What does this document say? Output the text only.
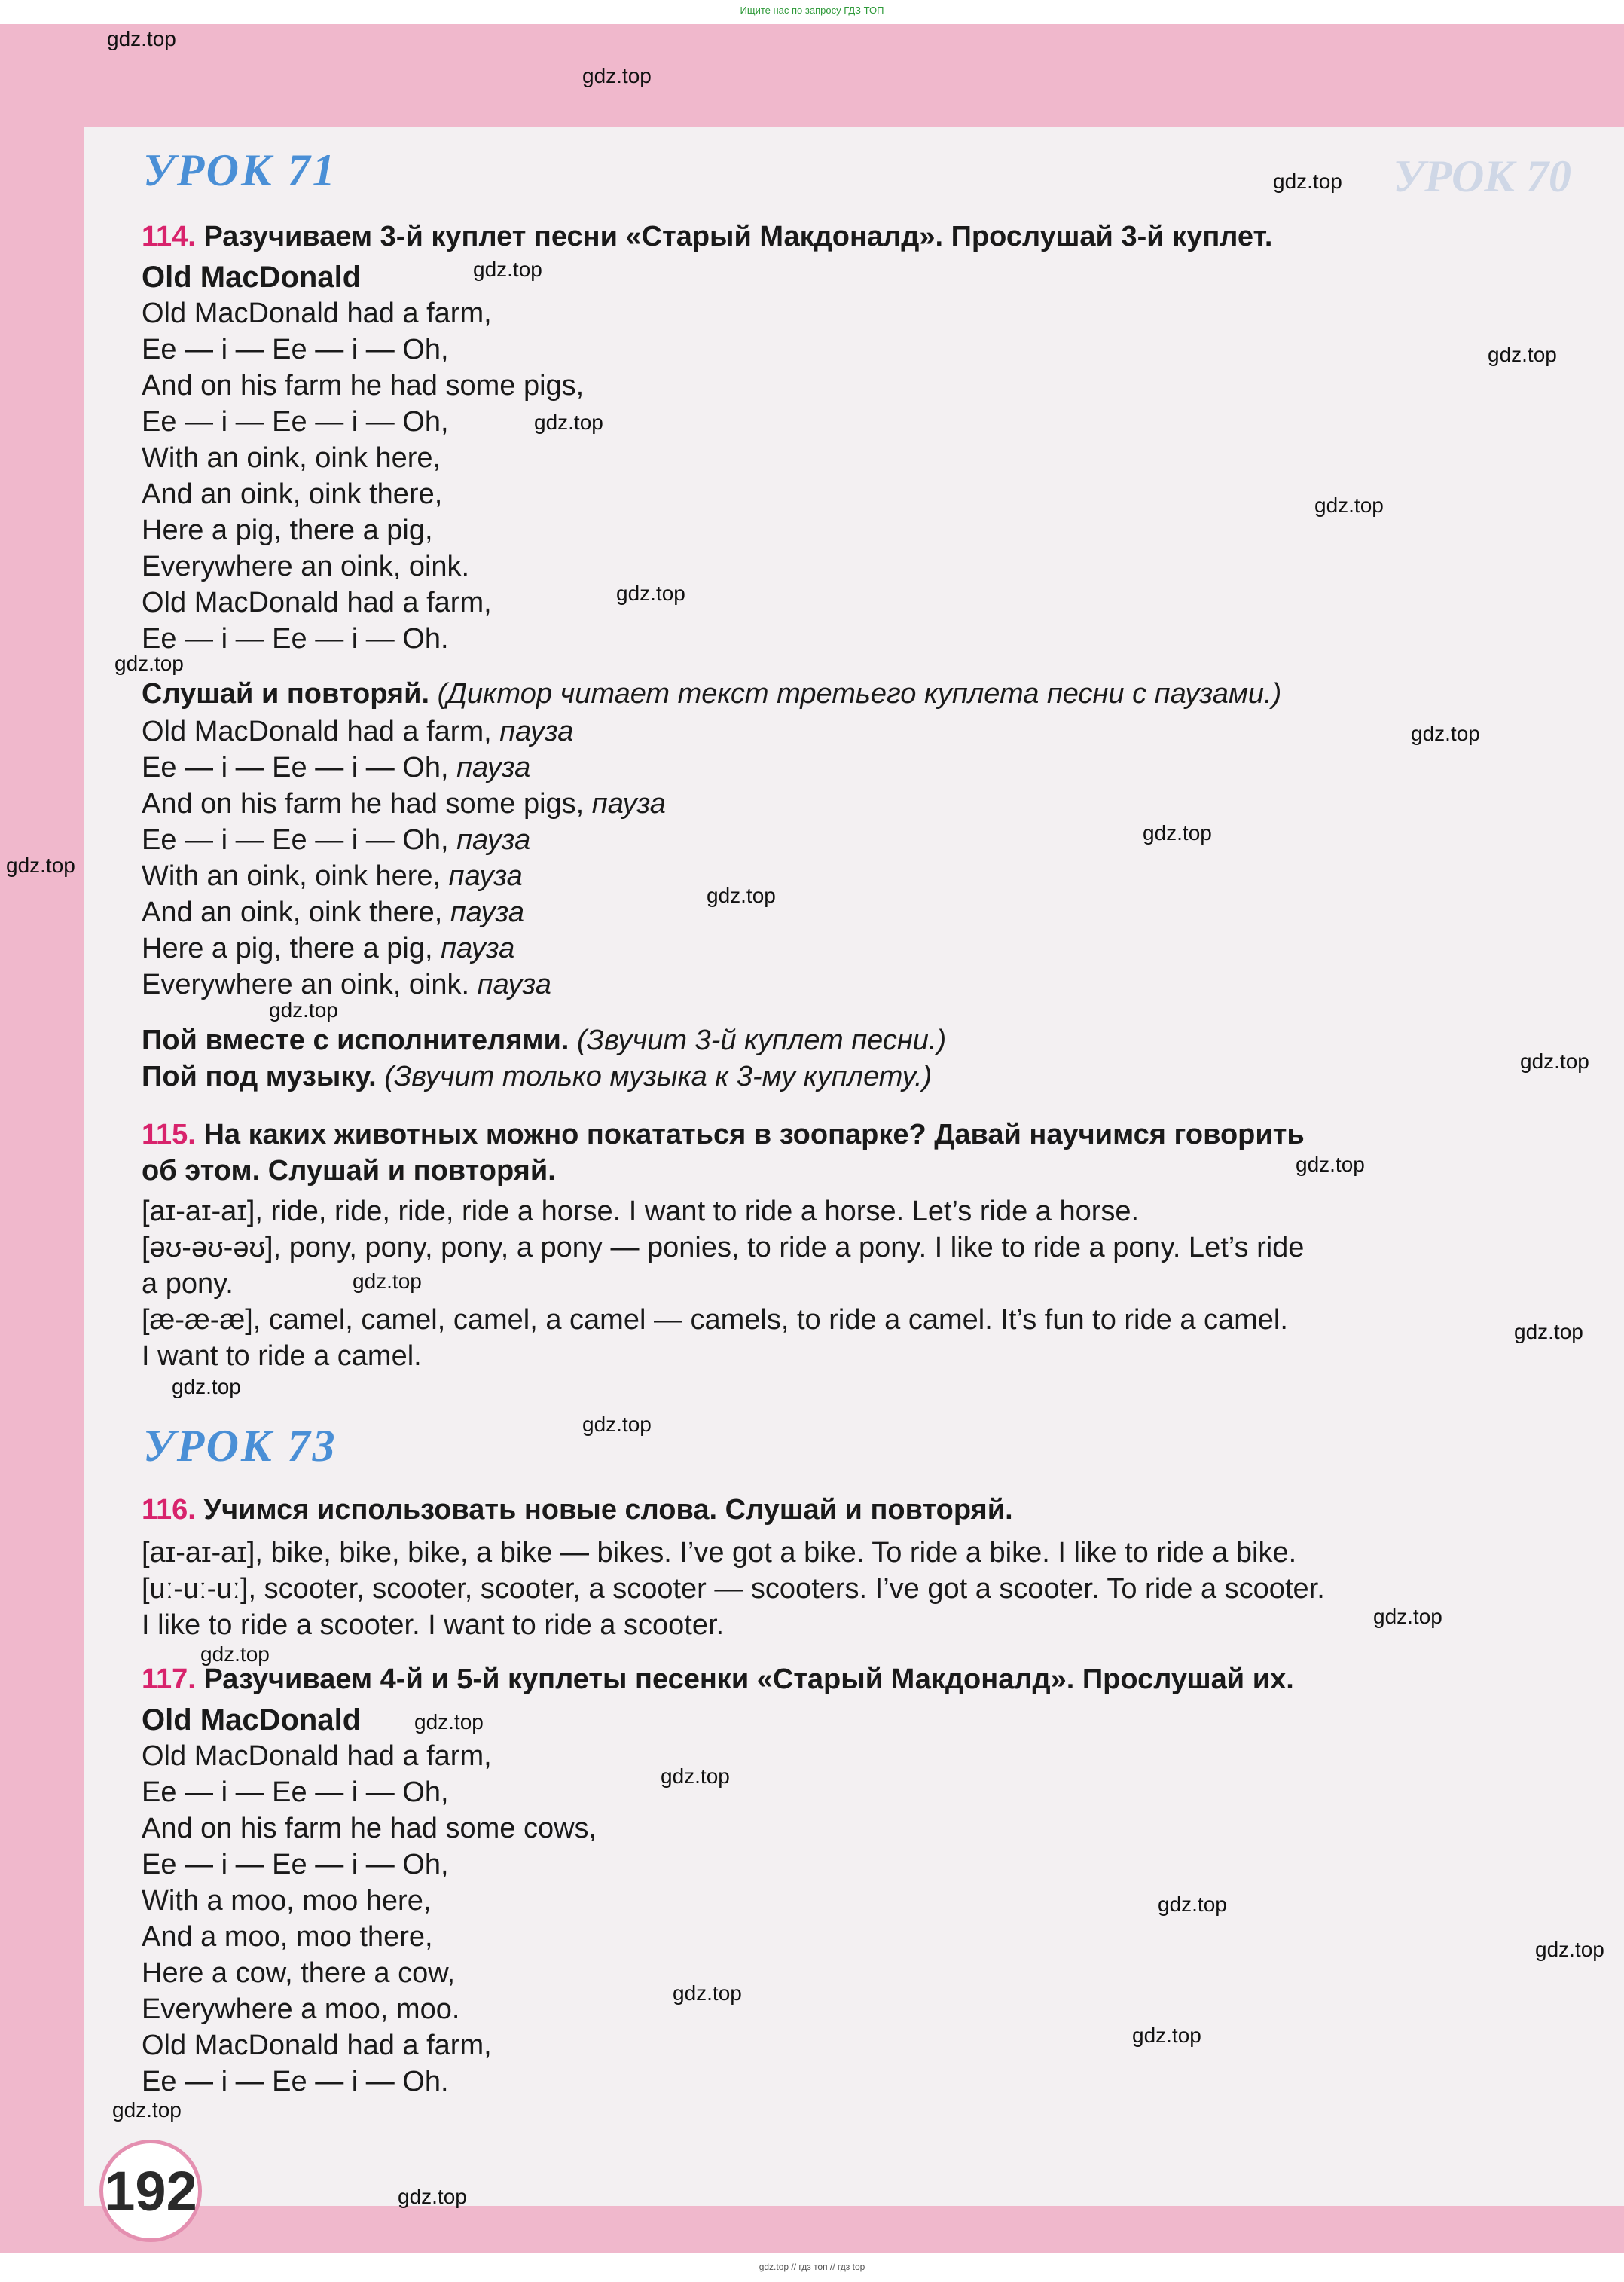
Ищите нас по запросу ГДЗ ТОП
gdz.top // гдз топ // гдз top
УРОК 70
УРОК 71
114. Разучиваем 3-й куплет песни «Старый Макдоналд». Прослушай 3-й куплет.
Old MacDonald
Old MacDonald had a farm,
Ee — i — Ee — i — Oh,
And on his farm he had some pigs,
Ee — i — Ee — i — Oh,
With an oink, oink here,
And an oink, oink there,
Here a pig, there a pig,
Everywhere an oink, oink.
Old MacDonald had a farm,
Ee — i — Ee — i — Oh.
Слушай и повторяй. (Диктор читает текст третьего куплета песни с паузами.)
Old MacDonald had a farm, пауза
Ee — i — Ee — i — Oh, пауза
And on his farm he had some pigs, пауза
Ee — i — Ee — i — Oh, пауза
With an oink, oink here, пауза
And an oink, oink there, пауза
Here a pig, there a pig, пауза
Everywhere an oink, oink. пауза
Пой вместе с исполнителями. (Звучит 3-й куплет песни.)
Пой под музыку. (Звучит только музыка к 3-му куплету.)
115. На каких животных можно покататься в зоопарке? Давай научимся говорить
об этом. Слушай и повторяй.
[aɪ-aɪ-aɪ], ride, ride, ride, ride a horse. I want to ride a horse. Let’s ride a horse.
[əʊ-əʊ-əʊ], pony, pony, pony, a pony — ponies, to ride a pony. I like to ride a pony. Let’s ride
a pony.
[æ-æ-æ], camel, camel, camel, a camel — camels, to ride a camel. It’s fun to ride a camel.
I want to ride a camel.
УРОК 73
116. Учимся использовать новые слова. Слушай и повторяй.
[aɪ-aɪ-aɪ], bike, bike, bike, a bike — bikes. I’ve got a bike. To ride a bike. I like to ride a bike.
[uː-uː-uː], scooter, scooter, scooter, a scooter — scooters. I’ve got a scooter. To ride a scooter.
I like to ride a scooter. I want to ride a scooter.
117. Разучиваем 4-й и 5-й куплеты песенки «Старый Макдоналд». Прослушай их.
Old MacDonald
Old MacDonald had a farm,
Ee — i — Ee — i — Oh,
And on his farm he had some cows,
Ee — i — Ee — i — Oh,
With a moo, moo here,
And a moo, moo there,
Here a cow, there a cow,
Everywhere a moo, moo.
Old MacDonald had a farm,
Ee — i — Ee — i — Oh.
192
gdz.top
gdz.top
gdz.top
gdz.top
gdz.top
gdz.top
gdz.top
gdz.top
gdz.top
gdz.top
gdz.top
gdz.top
gdz.top
gdz.top
gdz.top
gdz.top
gdz.top
gdz.top
gdz.top
gdz.top
gdz.top
gdz.top
gdz.top
gdz.top
gdz.top
gdz.top
gdz.top
gdz.top
gdz.top
gdz.top
